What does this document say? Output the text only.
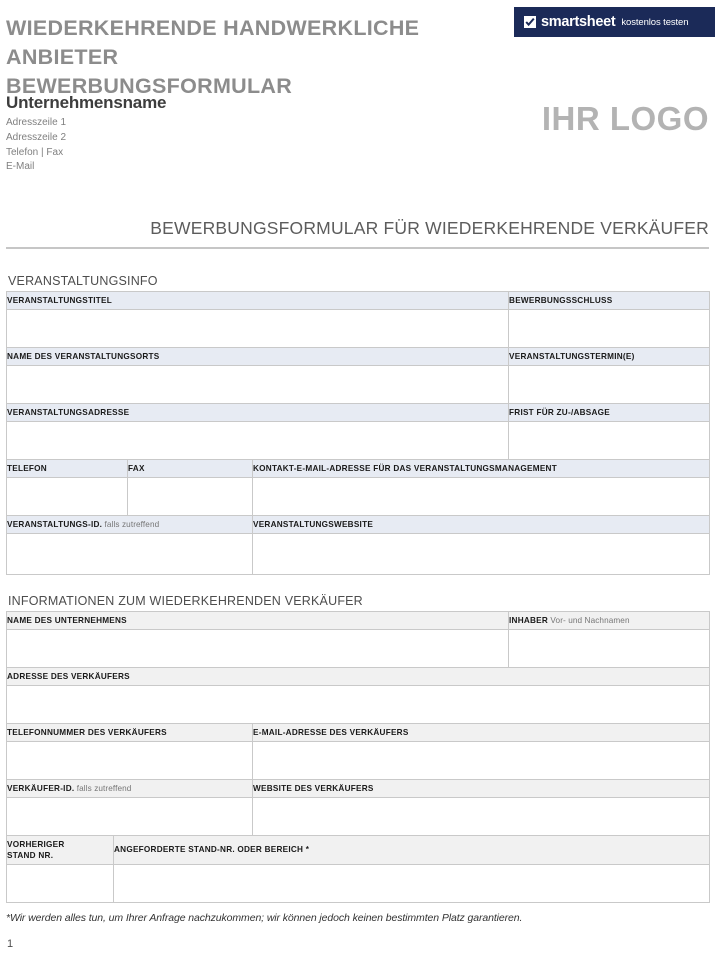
WIEDERKEHRENDE HANDWERKLICHE ANBIETER
BEWERBUNGSFORMULAR
smartsheet kostenlos testen
Unternehmensname
Adresszeile 1
Adresszeile 2
Telefon | Fax
E-Mail
IHR LOGO
BEWERBUNGSFORMULAR FÜR WIEDERKEHRENDE VERKÄUFER
VERANSTALTUNGSINFO
VERANSTALTUNGSTITEL			BEWERBUNGSSCHLUSS

NAME DES VERANSTALTUNGSORTS			VERANSTALTUNGSTERMIN(E)

VERANSTALTUNGSADRESSE			FRIST FÜR ZU-/ABSAGE

TELEFON	FAX	KONTAKT-E-MAIL-ADRESSE FÜR DAS VERANSTALTUNGSMANAGEMENT	

VERANSTALTUNGS-ID. falls zutreffend		VERANSTALTUNGSWEBSITE	

INFORMATIONEN ZUM WIEDERKEHRENDEN VERKÄUFER
NAME DES UNTERNEHMENS			INHABER Vor- und Nachnamen

ADRESSE DES VERKÄUFERS			

TELEFONNUMMER DES VERKÄUFERS		E-MAIL-ADRESSE DES VERKÄUFERS	

VERKÄUFER-ID. falls zutreffend		WEBSITE DES VERKÄUFERS	

VORHERIGER
STAND NR.	ANGEFORDERTE STAND-NR. ODER BEREICH *		

*Wir werden alles tun, um Ihrer Anfrage nachzukommen; wir können jedoch keinen bestimmten Platz garantieren.
1
